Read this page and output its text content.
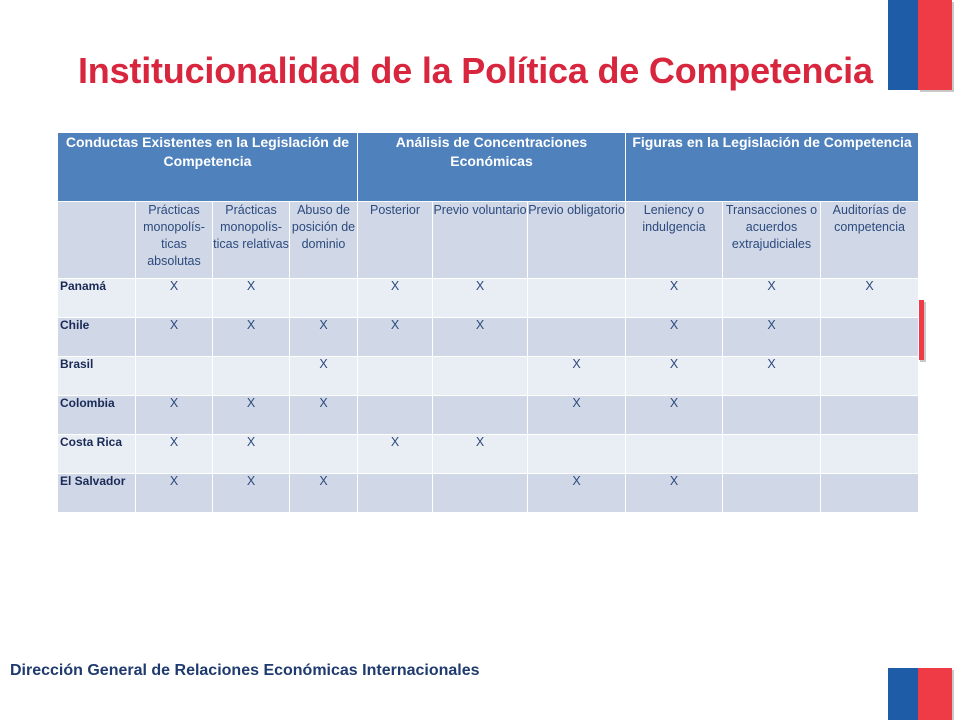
Institucionalidad de la Política de Competencia
Conductas Existentes en la Legislación de Competencia				Análisis de Concentraciones Económicas			Figuras en la Legislación de Competencia		
	Prácticas monopolís-ticas absolutas	Prácticas monopolís-ticas relativas	Abuso de posición de dominio	Posterior	Previo voluntario	Previo obligatorio	Leniency o indulgencia	Transacciones o acuerdos extrajudiciales	Auditorías de competencia
Panamá	X	X		X	X		X	X	X
Chile	X	X	X	X	X		X	X	
Brasil			X			X	X	X	
Colombia	X	X	X			X	X		
Costa Rica	X	X		X	X				
El Salvador	X	X	X			X	X		
Dirección General de Relaciones Económicas Internacionales
